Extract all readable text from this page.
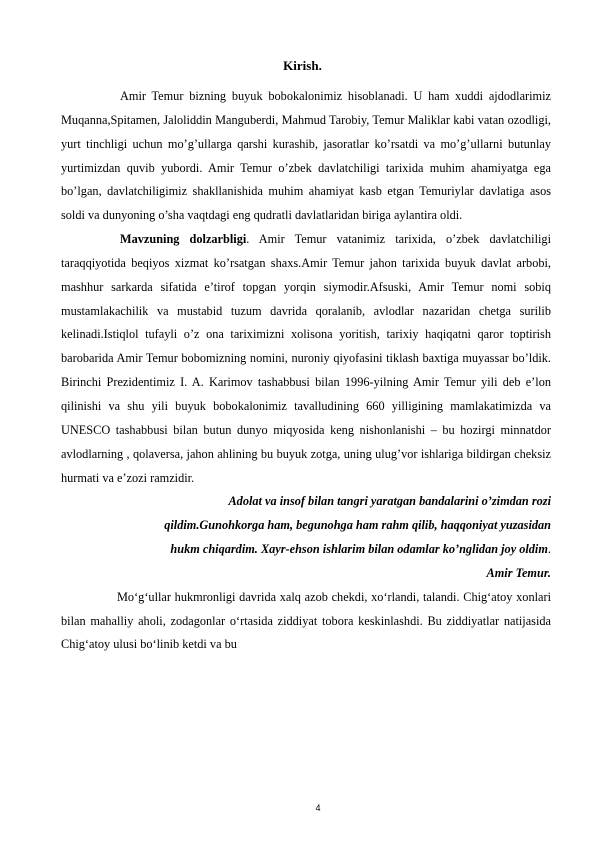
Kirish.

Amir Temur bizning buyuk bobokalonimiz hisoblanadi. U ham xuddi ajdodlarimiz Muqanna,Spitamen, Jaloliddin Manguberdi, Mahmud Tarobiy, Temur Maliklar kabi vatan ozodligi, yurt tinchligi uchun mo’g’ullarga qarshi kurashib, jasoratlar ko’rsatdi va mo’g’ullarni butunlay yurtimizdan quvib yubordi. Amir Temur o’zbek davlatchiligi tarixida muhim ahamiyatga ega bo’lgan, davlatchiligimiz shakllanishida muhim ahamiyat kasb etgan Temuriylar davlatiga asos soldi va dunyoning o’sha vaqtdagi eng qudratli davlatlaridan biriga aylantira oldi.

Mavzuning dolzarbligi. Amir Temur vatanimiz tarixida, o’zbek davlatchiligi taraqqiyotida beqiyos xizmat ko’rsatgan shaxs.Amir Temur jahon tarixida buyuk davlat arbobi, mashhur sarkarda sifatida e’tirof topgan yorqin siymodir.Afsuski, Amir Temur nomi sobiq mustamlakachilik va mustabid tuzum davrida qoralanib, avlodlar nazaridan chetga surilib kelinadi.Istiqlol tufayli o’z ona tariximizni xolisona yoritish, tarixiy haqiqatni qaror toptirish barobarida Amir Temur bobomizning nomini, nuroniy qiyofasini tiklash baxtiga muyassar bo’ldik. Birinchi Prezidentimiz I. A. Karimov tashabbusi bilan 1996-yilning Amir Temur yili deb e’lon qilinishi va shu yili buyuk bobokalonimiz tavalludining 660 yilligining mamlakatimizda va UNESCO tashabbusi bilan butun dunyo miqyosida keng nishonlanishi – bu hozirgi minnatdor avlodlarning , qolaversa, jahon ahlining bu buyuk zotga, uning ulug’vor ishlariga bildirgan cheksiz hurmati va e’zozi ramzidir.

Adolat va insof bilan tangri yaratgan bandalarini o’zimdan rozi
qildim.Gunohkorga ham, begunohga ham rahm qilib, haqqoniyat yuzasidan
hukm chiqardim. Xayr-ehson ishlarim bilan odamlar ko’nglidan joy oldim.
Amir Temur.

Mo‘g‘ullar hukmronligi davrida xalq azob chekdi, xo‘rlandi, talandi. Chig‘atoy xonlari bilan mahalliy aholi, zodagonlar o‘rtasida ziddiyat tobora keskinlashdi. Bu ziddiyatlar natijasida Chig‘atoy ulusi bo‘linib ketdi va bu

4
